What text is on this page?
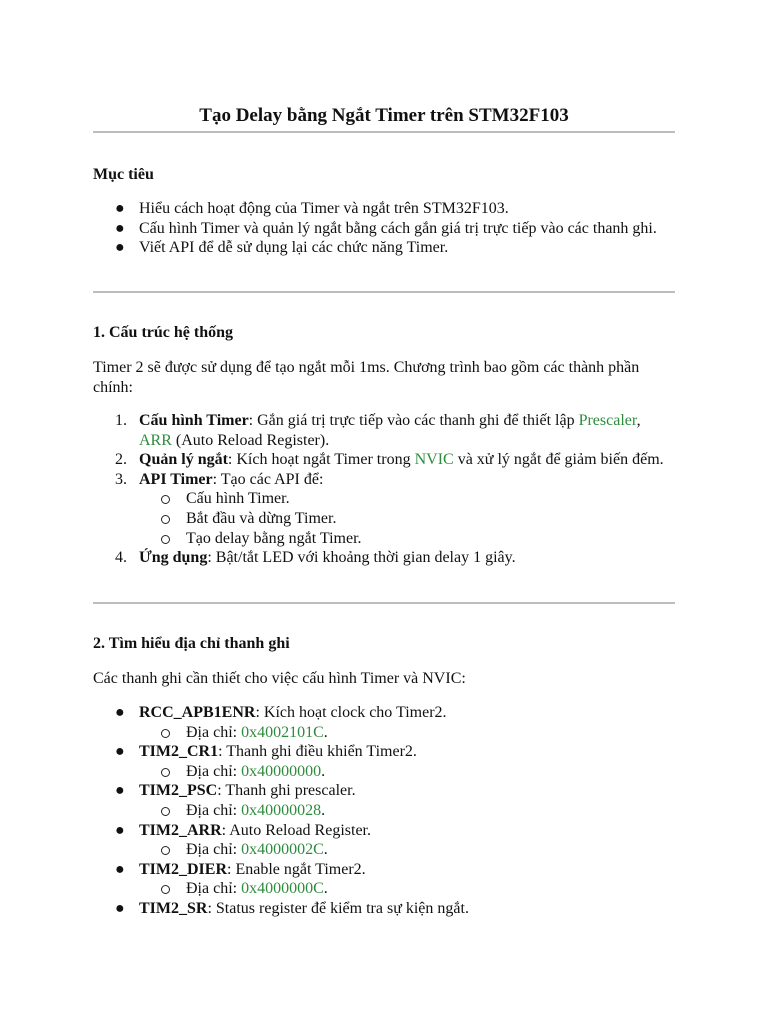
Tạo Delay bằng Ngắt Timer trên STM32F103
Mục tiêu
● Hiểu cách hoạt động của Timer và ngắt trên STM32F103.
● Cấu hình Timer và quản lý ngắt bằng cách gắn giá trị trực tiếp vào các thanh ghi.
● Viết API để dễ sử dụng lại các chức năng Timer.
1. Cấu trúc hệ thống

Timer 2 sẽ được sử dụng để tạo ngắt mỗi 1ms. Chương trình bao gồm các thành phần chính:

1. Cấu hình Timer: Gắn giá trị trực tiếp vào các thanh ghi để thiết lập Prescaler, ARR (Auto Reload Register).
2. Quản lý ngắt: Kích hoạt ngắt Timer trong NVIC và xử lý ngắt để giảm biến đếm.
3. API Timer: Tạo các API để:
Cấu hình Timer.
Bắt đầu và dừng Timer.
Tạo delay bằng ngắt Timer.
4. Ứng dụng: Bật/tắt LED với khoảng thời gian delay 1 giây.
2. Tìm hiểu địa chỉ thanh ghi

Các thanh ghi cần thiết cho việc cấu hình Timer và NVIC:

● RCC_APB1ENR: Kích hoạt clock cho Timer2.
Địa chỉ: 0x4002101C.
● TIM2_CR1: Thanh ghi điều khiển Timer2.
Địa chỉ: 0x40000000.
● TIM2_PSC: Thanh ghi prescaler.
Địa chỉ: 0x40000028.
● TIM2_ARR: Auto Reload Register.
Địa chỉ: 0x4000002C.
● TIM2_DIER: Enable ngắt Timer2.
Địa chỉ: 0x4000000C.
● TIM2_SR: Status register để kiểm tra sự kiện ngắt.
